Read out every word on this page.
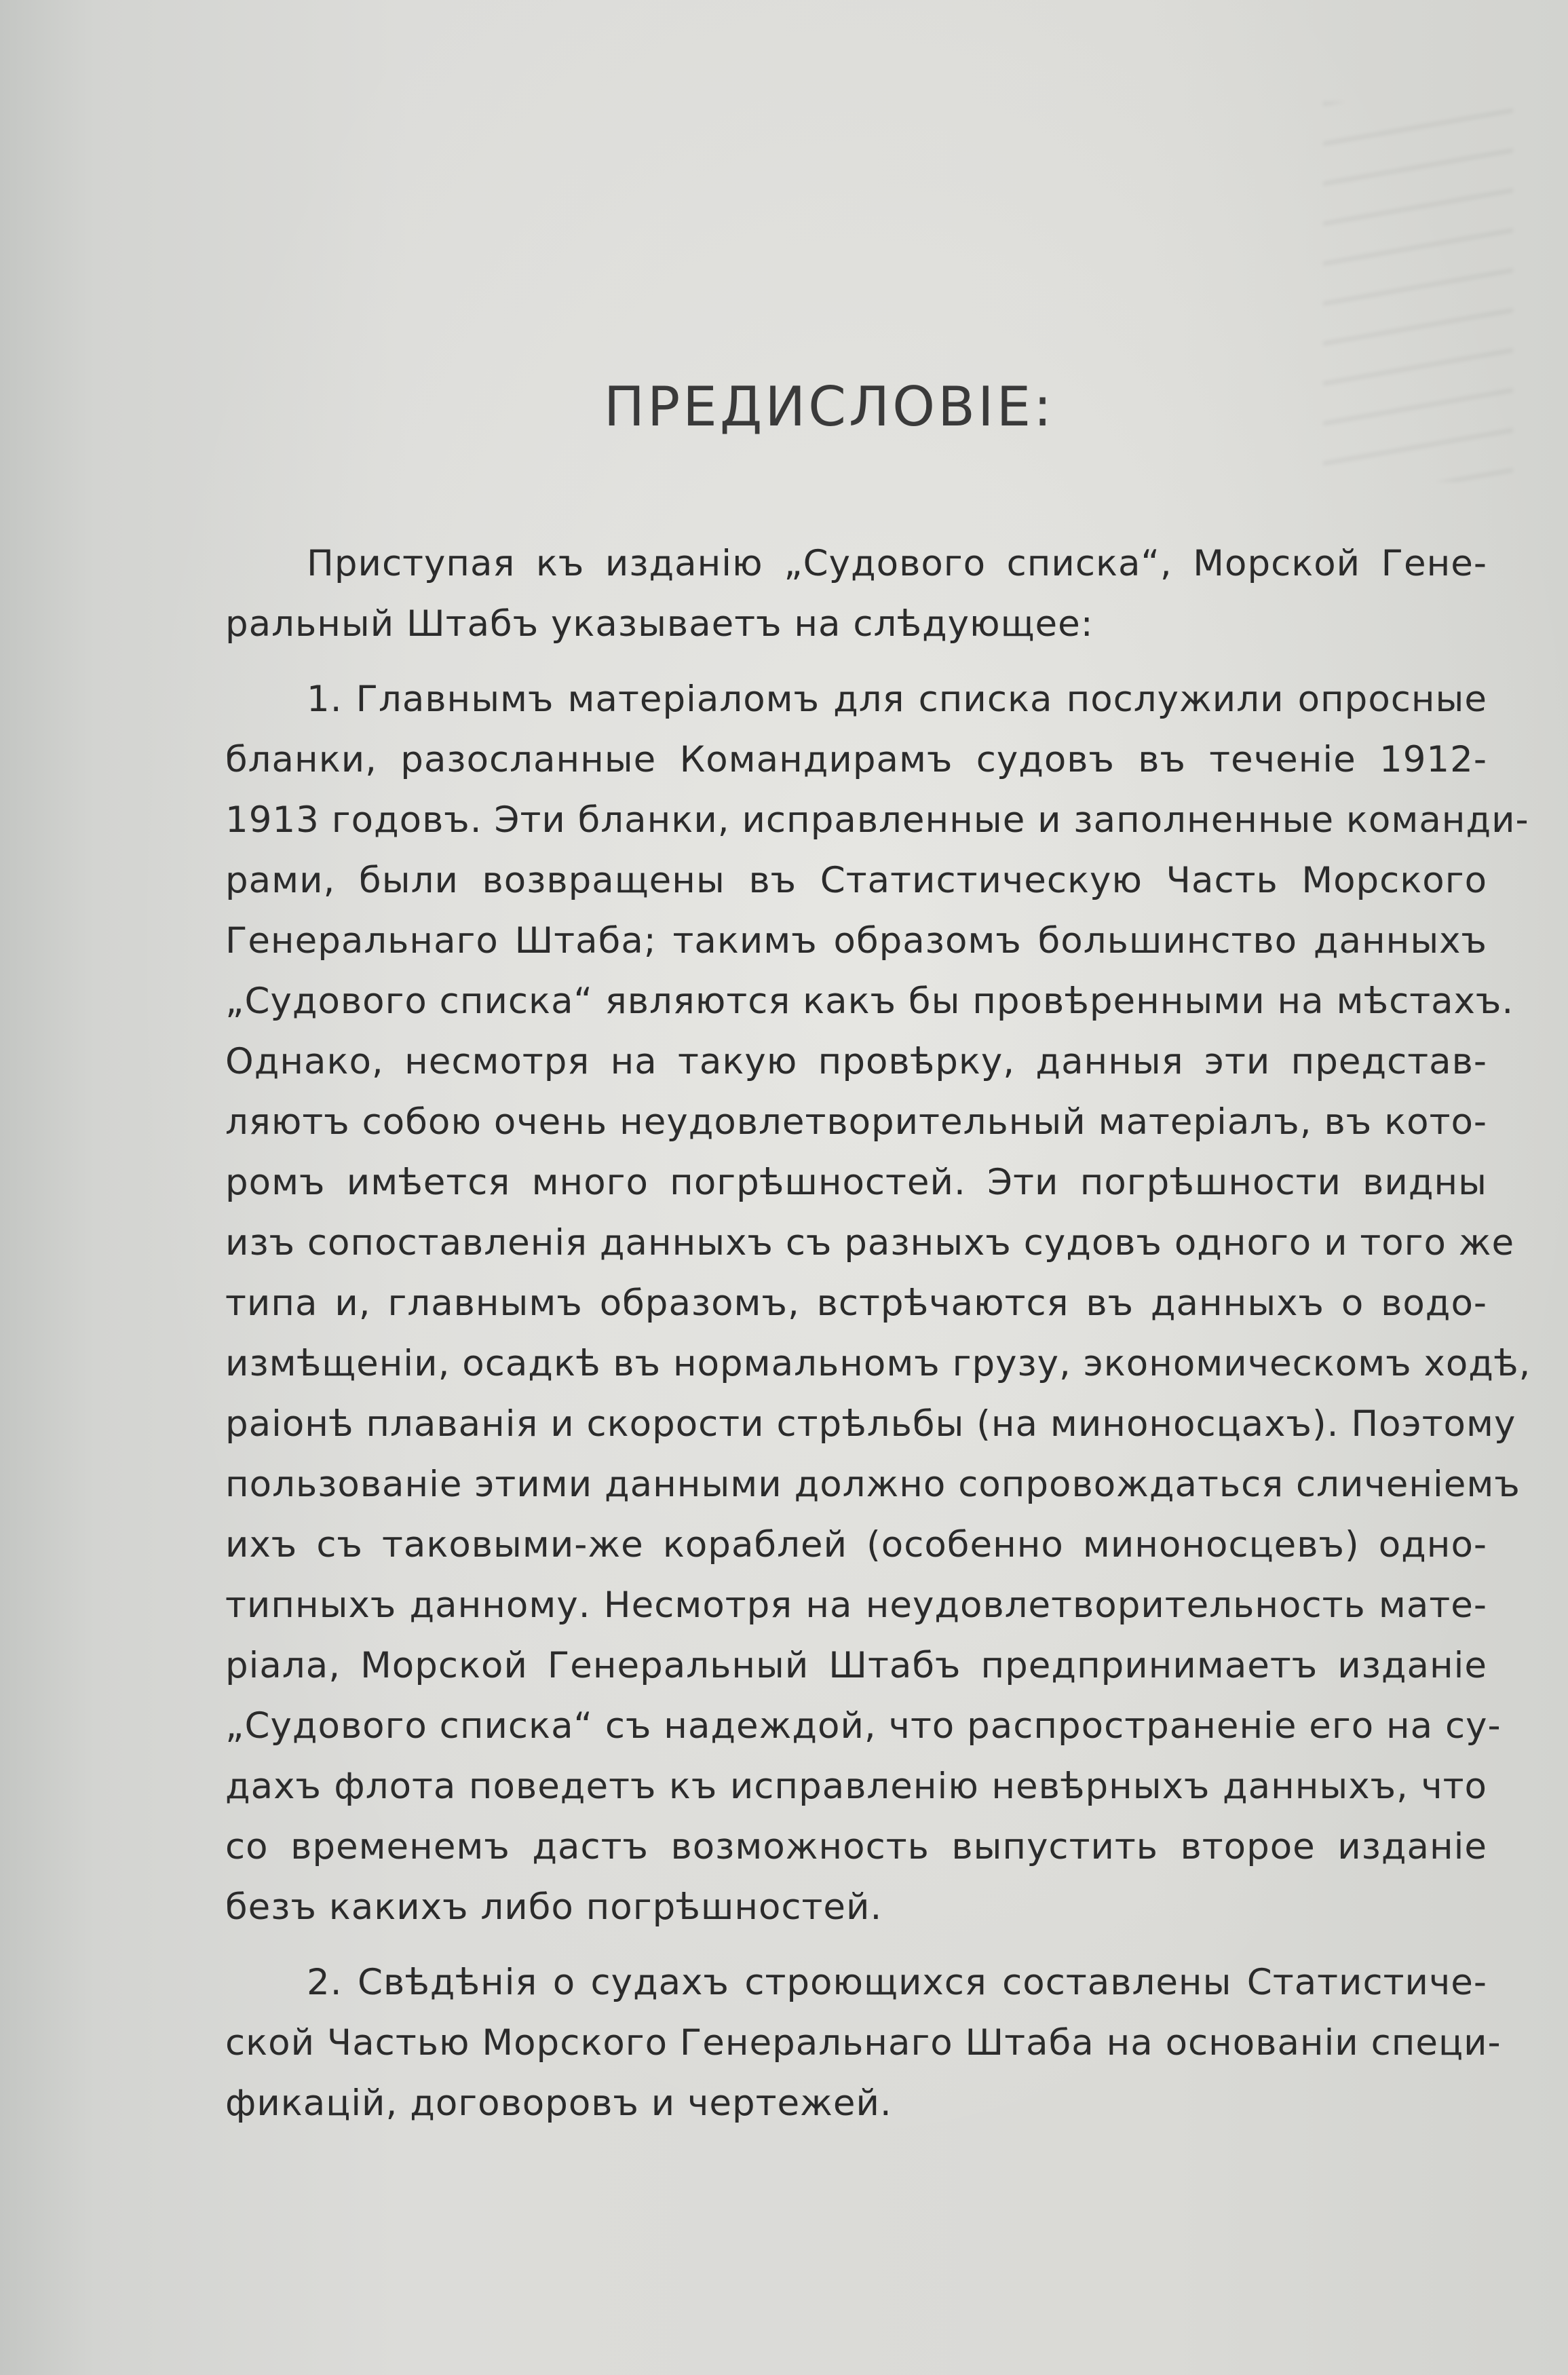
ПРЕДИСЛОВIЕ:
Приступая къ изданiю „Судового списка“, Морской Гене-
ральный Штабъ указываетъ на слѣдующее:
1. Главнымъ матерiаломъ для списка послужили опросные
бланки, разосланные Командирамъ судовъ въ теченiе 1912-
1913 годовъ. Эти бланки, исправленные и заполненные команди-
рами, были возвращены въ Статистическую Часть Морского
Генеральнаго Штаба; такимъ образомъ большинство данныхъ
„Судового списка“ являются какъ бы провѣренными на мѣстахъ.
Однако, несмотря на такую провѣрку, данныя эти представ-
ляютъ собою очень неудовлетворительный матерiалъ, въ кото-
ромъ имѣется много погрѣшностей. Эти погрѣшности видны
изъ сопоставленiя данныхъ съ разныхъ судовъ одного и того же
типа и, главнымъ образомъ, встрѣчаются въ данныхъ о водо-
измѣщенiи, осадкѣ въ нормальномъ грузу, экономическомъ ходѣ,
раiонѣ плаванiя и скорости стрѣльбы (на миноносцахъ). Поэтому
пользованiе этими данными должно сопровождаться сличенiемъ
ихъ съ таковыми-же кораблей (особенно миноносцевъ) одно-
типныхъ данному. Несмотря на неудовлетворительность мате-
рiала, Морской Генеральный Штабъ предпринимаетъ изданiе
„Судового списка“ съ надеждой, что распространенiе его на су-
дахъ флота поведетъ къ исправленiю невѣрныхъ данныхъ, что
со временемъ дастъ возможность выпустить второе изданiе
безъ какихъ либо погрѣшностей.
2. Свѣдѣнiя о судахъ строющихся составлены Статистиче-
ской Частью Морского Генеральнаго Штаба на основанiи специ-
фикацiй, договоровъ и чертежей.
